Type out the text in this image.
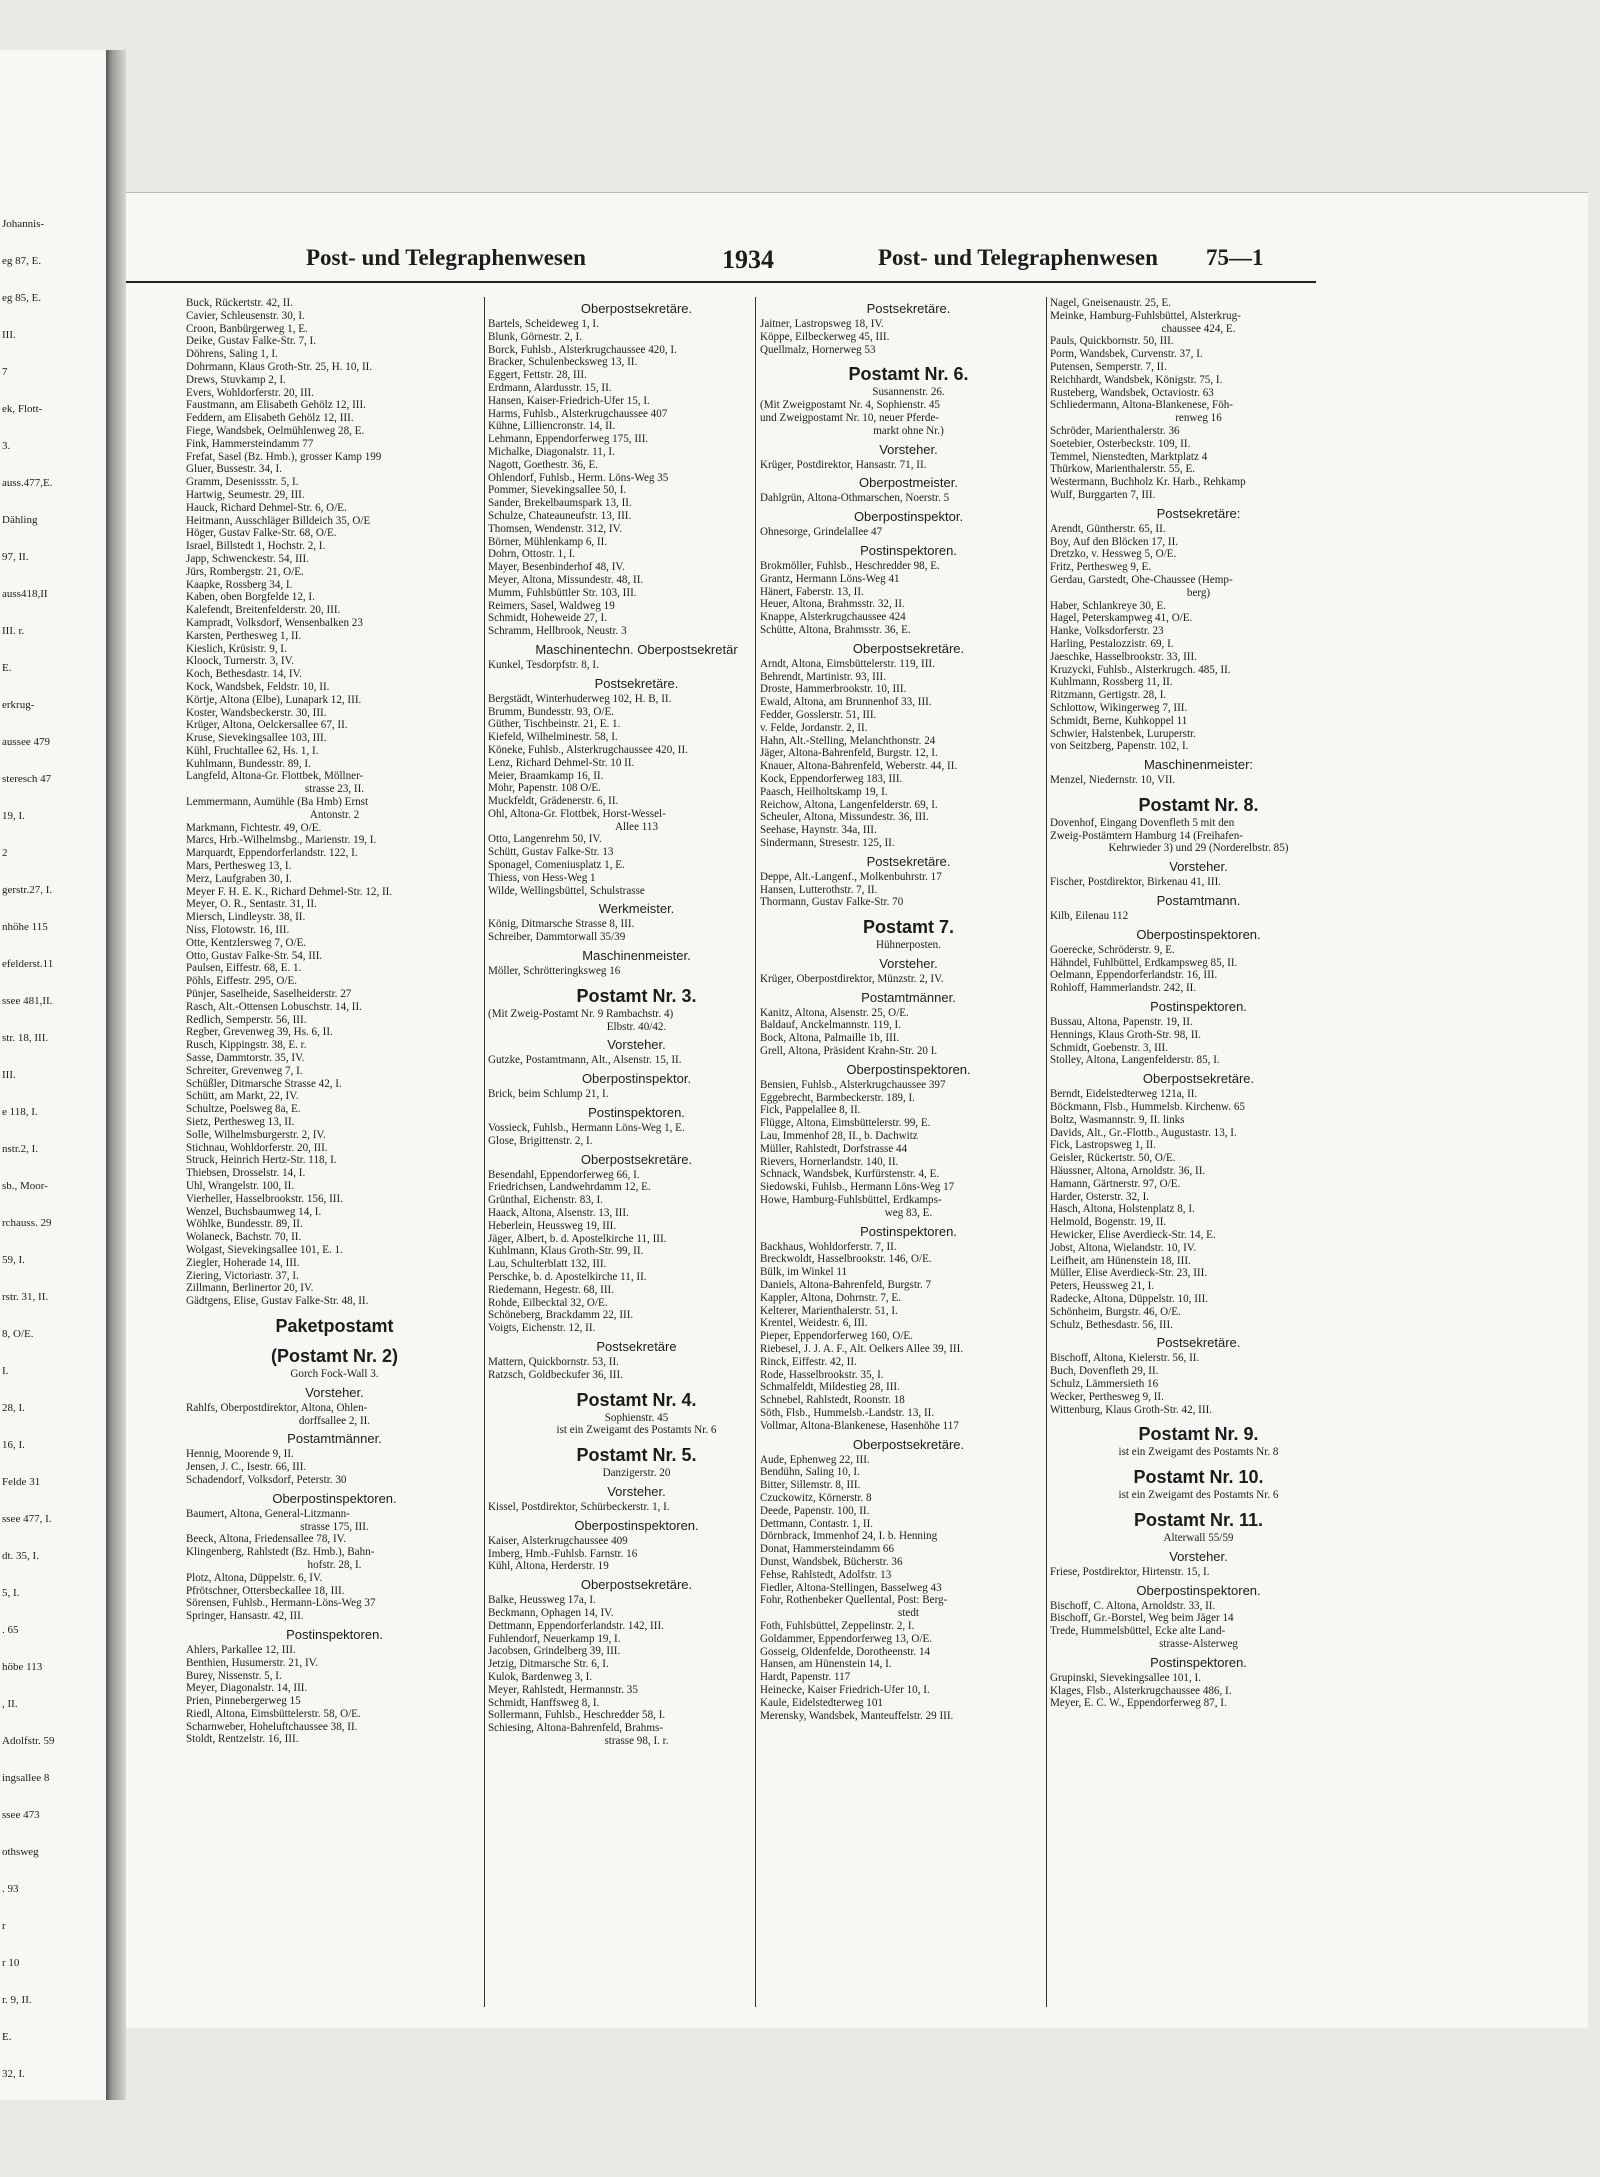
Johannis-
eg 87, E.
eg 85, E.
III.
7
ek, Flott-
3.
auss.477,E.
Dähling
97, II.
auss418,II
III. r.
E.
erkrug-
aussee 479
steresch 47
19, I.
2
gerstr.27, I.
nhöhe 115
efelderst.11
ssee 481,II.
str. 18, III.
III.
e 118, I.
nstr.2, I.
sb., Moor-
rchauss. 29
59, I.
rstr. 31, II.
8, O/E.
I.
28, I.
16, I.
Felde 31
ssee 477, I.
dt. 35, I.
5, I.
. 65
höbe 113
, II.
Adolfstr. 59
ingsallee 8
ssee 473
othsweg
. 93
r
r 10
r. 9, II.
E.
32, I.
Post- und Telegraphenwesen	1934	Post- und Telegraphenwesen 75—1
Buck, Rückertstr. 42, II.
Cavier, Schleusenstr. 30, I.
Croon, Banbürgerweg 1, E.
Deike, Gustav Falke-Str. 7, I.
Döhrens, Saling 1, I.
Dohrmann, Klaus Groth-Str. 25, H. 10, II.
Drews, Stuvkamp 2, I.
Evers, Wohldorferstr. 20, III.
Faustmann, am Elisabeth Gehölz 12, III.
Feddern, am Elisabeth Gehölz 12, III.
Fiege, Wandsbek, Oelmühlenweg 28, E.
Fink, Hammersteindamm 77
Frefat, Sasel (Bz. Hmb.), grosser Kamp 199
Gluer, Bussestr. 34, I.
Gramm, Desenissstr. 5, I.
Hartwig, Seumestr. 29, III.
Hauck, Richard Dehmel-Str. 6, O/E.
Heitmann, Ausschläger Billdeich 35, O/E
Höger, Gustav Falke-Str. 68, O/E.
Israel, Billstedt 1, Hochstr. 2, I.
Japp, Schwenckestr. 54, III.
Jürs, Rombergstr. 21, O/E.
Kaapke, Rossberg 34, I.
Kaben, oben Borgfelde 12, I.
Kalefendt, Breitenfelderstr. 20, III.
Kampradt, Volksdorf, Wensenbalken 23
Karsten, Perthesweg 1, II.
Kieslich, Krüsistr. 9, I.
Kloock, Turnerstr. 3, IV.
Koch, Bethesdastr. 14, IV.
Kock, Wandsbek, Feldstr. 10, II.
Körtje, Altona (Elbe), Lunapark 12, III.
Koster, Wandsbeckerstr. 30, III.
Krüger, Altona, Oelckersallee 67, II.
Kruse, Sievekingsallee 103, III.
Kühl, Fruchtallee 62, Hs. 1, I.
Kuhlmann, Bundesstr. 89, I.
Langfeld, Altona-Gr. Flottbek, Möllner-
strasse 23, II.
Lemmermann, Aumühle (Ba Hmb) Ernst
Antonstr. 2
Markmann, Fichtestr. 49, O/E.
Marcs, Hrb.-Wilhelmsbg., Marienstr. 19, I.
Marquardt, Eppendorferlandstr. 122, I.
Mars, Perthesweg 13, I.
Merz, Laufgraben 30, I.
Meyer F. H. E. K., Richard Dehmel-Str. 12, II.
Meyer, O. R., Sentastr. 31, II.
Miersch, Lindleystr. 38, II.
Niss, Flotowstr. 16, III.
Otte, Kentzlersweg 7, O/E.
Otto, Gustav Falke-Str. 54, III.
Paulsen, Eiffestr. 68, E. 1.
Pöhls, Eiffestr. 295, O/E.
Pünjer, Saselheide, Saselheiderstr. 27
Rasch, Alt.-Ottensen Lobuschstr. 14, II.
Redlich, Semperstr. 56, III.
Regber, Grevenweg 39, Hs. 6, II.
Rusch, Kippingstr. 38, E. r.
Sasse, Dammtorstr. 35, IV.
Schreiter, Grevenweg 7, I.
Schüßler, Ditmarsche Strasse 42, I.
Schütt, am Markt, 22, IV.
Schultze, Poelsweg 8a, E.
Sietz, Perthesweg 13, II.
Solle, Wilhelmsburgerstr. 2, IV.
Stichnau, Wohldorferstr. 20, III.
Struck, Heinrich Hertz-Str. 118, I.
Thiebsen, Drosselstr. 14, I.
Uhl, Wrangelstr. 100, II.
Vierheller, Hasselbrookstr. 156, III.
Wenzel, Buchsbaumweg 14, I.
Wöhlke, Bundesstr. 89, II.
Wolaneck, Bachstr. 70, II.
Wolgast, Sievekingsallee 101, E. 1.
Ziegler, Hoherade 14, III.
Ziering, Victoriastr. 37, I.
Zillmann, Berlinertor 20, IV.
Gädtgens, Elise, Gustav Falke-Str. 48, II.
Paketpostamt
(Postamt Nr. 2)
Gorch Fock-Wall 3.
Vorsteher.
Rahlfs, Oberpostdirektor, Altona, Ohlen-
dorffsallee 2, II.
Postamtmänner.
Hennig, Moorende 9, II.
Jensen, J. C., Isestr. 66, III.
Schadendorf, Volksdorf, Peterstr. 30
Oberpostinspektoren.
Baumert, Altona, General-Litzmann-
strasse 175, III.
Beeck, Altona, Friedensallee 78, IV.
Klingenberg, Rahlstedt (Bz. Hmb.), Bahn-
hofstr. 28, I.
Plotz, Altona, Düppelstr. 6, IV.
Pfrötschner, Ottersbeckallee 18, III.
Sörensen, Fuhlsb., Hermann-Löns-Weg 37
Springer, Hansastr. 42, III.
Postinspektoren.
Ahlers, Parkallee 12, III.
Benthien, Husumerstr. 21, IV.
Burey, Nissenstr. 5, I.
Meyer, Diagonalstr. 14, III.
Prien, Pinnebergerweg 15
Riedl, Altona, Eimsbüttelerstr. 58, O/E.
Scharnweber, Hoheluftchaussee 38, II.
Stoldt, Rentzelstr. 16, III.
Oberpostsekretäre.
Bartels, Scheideweg 1, I.
Blunk, Görnestr. 2, I.
Borck, Fuhlsb., Alsterkrugchaussee 420, I.
Bracker, Schulenbecksweg 13, II.
Eggert, Fettstr. 28, III.
Erdmann, Alardusstr. 15, II.
Hansen, Kaiser-Friedrich-Ufer 15, I.
Harms, Fuhlsb., Alsterkrugchaussee 407
Kühne, Lilliencronstr. 14, II.
Lehmann, Eppendorferweg 175, III.
Michalke, Diagonalstr. 11, I.
Nagott, Goethestr. 36, E.
Ohlendorf, Fuhlsb., Herm. Löns-Weg 35
Pommer, Sievekingsallee 50, I.
Sander, Brekelbaumspark 13, II.
Schulze, Chateauneufstr. 13, III.
Thomsen, Wendenstr. 312, IV.
Börner, Mühlenkamp 6, II.
Dohrn, Ottostr. 1, I.
Mayer, Besenbinderhof 48, IV.
Meyer, Altona, Missundestr. 48, II.
Mumm, Fuhlsbüttler Str. 103, III.
Reimers, Sasel, Waldweg 19
Schmidt, Hoheweide 27, I.
Schramm, Hellbrook, Neustr. 3
Maschinentechn. Oberpostsekretär
Kunkel, Tesdorpfstr. 8, I.
Postsekretäre.
Bergstädt, Winterhuderweg 102, H. B, II.
Brumm, Bundesstr. 93, O/E.
Güther, Tischbeinstr. 21, E. 1.
Kiefeld, Wilhelminestr. 58, I.
Köneke, Fuhlsb., Alsterkrugchaussee 420, II.
Lenz, Richard Dehmel-Str. 10 II.
Meier, Braamkamp 16, II.
Mohr, Papenstr. 108 O/E.
Muckfeldt, Grädenerstr. 6, II.
Ohl, Altona-Gr. Flottbek, Horst-Wessel-
Allee 113
Otto, Langenrehm 50, IV.
Schütt, Gustav Falke-Str. 13
Sponagel, Comeniusplatz 1, E.
Thiess, von Hess-Weg 1
Wilde, Wellingsbüttel, Schulstrasse
Werkmeister.
König, Ditmarsche Strasse 8, III.
Schreiber, Dammtorwall 35/39
Maschinenmeister.
Möller, Schrötteringksweg 16
Postamt Nr. 3.
(Mit Zweig-Postamt Nr. 9 Rambachstr. 4)
Elbstr. 40/42.
Vorsteher.
Gutzke, Postamtmann, Alt., Alsenstr. 15, II.
Oberpostinspektor.
Brick, beim Schlump 21, I.
Postinspektoren.
Vossieck, Fuhlsb., Hermann Löns-Weg 1, E.
Glose, Brigittenstr. 2, I.
Oberpostsekretäre.
Besendahl, Eppendorferweg 66, I.
Friedrichsen, Landwehrdamm 12, E.
Grünthal, Eichenstr. 83, I.
Haack, Altona, Alsenstr. 13, III.
Heberlein, Heussweg 19, III.
Jäger, Albert, b. d. Apostelkirche 11, III.
Kuhlmann, Klaus Groth-Str. 99, II.
Lau, Schulterblatt 132, III.
Perschke, b. d. Apostelkirche 11, II.
Riedemann, Hegestr. 68, III.
Rohde, Eilbecktal 32, O/E.
Schöneberg, Brackdamm 22, III.
Voigts, Eichenstr. 12, II.
Postsekretäre
Mattern, Quickbornstr. 53, II.
Ratzsch, Goldbeckufer 36, III.
Postamt Nr. 4.
Sophienstr. 45
ist ein Zweigamt des Postamts Nr. 6
Postamt Nr. 5.
Danzigerstr. 20
Vorsteher.
Kissel, Postdirektor, Schürbeckerstr. 1, I.
Oberpostinspektoren.
Kaiser, Alsterkrugchaussee 409
Imberg, Hmb.-Fuhlsb. Farnstr. 16
Kühl, Altona, Herderstr. 19
Oberpostsekretäre.
Balke, Heussweg 17a, I.
Beckmann, Ophagen 14, IV.
Dettmann, Eppendorferlandstr. 142, III.
Fuhlendorf, Neuerkamp 19, I.
Jacobsen, Grindelberg 39, III.
Jetzig, Ditmarsche Str. 6, I.
Kulok, Bardenweg 3, I.
Meyer, Rahlstedt, Hermannstr. 35
Schmidt, Hanffsweg 8, I.
Sollermann, Fuhlsb., Heschredder 58, I.
Schiesing, Altona-Bahrenfeld, Brahms-
strasse 98, I. r.
Postsekretäre.
Jaitner, Lastropsweg 18, IV.
Köppe, Eilbeckerweg 45, III.
Quellmalz, Hornerweg 53
Postamt Nr. 6.
Susannenstr. 26.
(Mit Zweigpostamt Nr. 4, Sophienstr. 45
und Zweigpostamt Nr. 10, neuer Pferde-
markt ohne Nr.)
Vorsteher.
Krüger, Postdirektor, Hansastr. 71, II.
Oberpostmeister.
Dahlgrün, Altona-Othmarschen, Noerstr. 5
Oberpostinspektor.
Ohnesorge, Grindelallee 47
Postinspektoren.
Brokmöller, Fuhlsb., Heschredder 98, E.
Grantz, Hermann Löns-Weg 41
Hänert, Faberstr. 13, II.
Heuer, Altona, Brahmsstr. 32, II.
Knappe, Alsterkrugchaussee 424
Schütte, Altona, Brahmsstr. 36, E.
Oberpostsekretäre.
Arndt, Altona, Eimsbüttelerstr. 119, III.
Behrendt, Martinistr. 93, III.
Droste, Hammerbrookstr. 10, III.
Ewald, Altona, am Brunnenhof 33, III.
Fedder, Gosslerstr. 51, III.
v. Felde, Jordanstr. 2, II.
Hahn, Alt.-Stelling, Melanchthonstr. 24
Jäger, Altona-Bahrenfeld, Burgstr. 12, I.
Knauer, Altona-Bahrenfeld, Weberstr. 44, II.
Kock, Eppendorferweg 183, III.
Paasch, Heilholtskamp 19, I.
Reichow, Altona, Langenfelderstr. 69, I.
Scheuler, Altona, Missundestr. 36, III.
Seehase, Haynstr. 34a, III.
Sindermann, Stresestr. 125, II.
Postsekretäre.
Deppe, Alt.-Langenf., Molkenbuhrstr. 17
Hansen, Lutterothstr. 7, II.
Thormann, Gustav Falke-Str. 70
Postamt 7.
Hühnerposten.
Vorsteher.
Krüger, Oberpostdirektor, Münzstr. 2, IV.
Postamtmänner.
Kanitz, Altona, Alsenstr. 25, O/E.
Baldauf, Anckelmannstr. 119, I.
Bock, Altona, Palmaille 1b, III.
Grell, Altona, Präsident Krahn-Str. 20 I.
Oberpostinspektoren.
Bensien, Fuhlsb., Alsterkrugchaussee 397
Eggebrecht, Barmbeckerstr. 189, I.
Fick, Pappelallee 8, II.
Flügge, Altona, Eimsbüttelerstr. 99, E.
Lau, Immenhof 28, II., b. Dachwitz
Müller, Rahlstedt, Dorfstrasse 44
Rievers, Hornerlandstr. 140, II.
Schnack, Wandsbek, Kurfürstenstr. 4, E.
Siedowski, Fuhlsb., Hermann Löns-Weg 17
Howe, Hamburg-Fuhlsbüttel, Erdkamps-
weg 83, E.
Postinspektoren.
Backhaus, Wohldorferstr. 7, II.
Breckwoldt, Hasselbrookstr. 146, O/E.
Bülk, im Winkel 11
Daniels, Altona-Bahrenfeld, Burgstr. 7
Kappler, Altona, Dohrnstr. 7, E.
Kelterer, Marienthalerstr. 51, I.
Krentel, Weidestr. 6, III.
Pieper, Eppendorferweg 160, O/E.
Riebesel, J. J. A. F., Alt. Oelkers Allee 39, III.
Rinck, Eiffestr. 42, II.
Rode, Hasselbrookstr. 35, I.
Schmalfeldt, Mildestieg 28, III.
Schnebel, Rahlstedt, Roonstr. 18
Söth, Flsb., Hummelsb.-Landstr. 13, II.
Vollmar, Altona-Blankenese, Hasenhöhe 117
Oberpostsekretäre.
Aude, Ephenweg 22, III.
Bendühn, Saling 10, I.
Bitter, Sillemstr. 8, III.
Czuckowitz, Körnerstr. 8
Deede, Papenstr. 100, II.
Dettmann, Contastr. 1, II.
Dörnbrack, Immenhof 24, I. b. Henning
Donat, Hammersteindamm 66
Dunst, Wandsbek, Bücherstr. 36
Fehse, Rahlstedt, Adolfstr. 13
Fiedler, Altona-Stellingen, Basselweg 43
Fohr, Rothenbeker Quellental, Post: Berg-
stedt
Foth, Fuhlsbüttel, Zeppelinstr. 2, I.
Goldammer, Eppendorferweg 13, O/E.
Gosseig, Oldenfelde, Dorotheenstr. 14
Hansen, am Hünenstein 14, I.
Hardt, Papenstr. 117
Heinecke, Kaiser Friedrich-Ufer 10, I.
Kaule, Eidelstedterweg 101
Merensky, Wandsbek, Manteuffelstr. 29 III.
Nagel, Gneisenaustr. 25, E.
Meinke, Hamburg-Fuhlsbüttel, Alsterkrug-
chaussee 424, E.
Pauls, Quickbornstr. 50, III.
Porm, Wandsbek, Curvenstr. 37, I.
Putensen, Semperstr. 7, II.
Reichhardt, Wandsbek, Königstr. 75, I.
Rusteberg, Wandsbek, Octaviostr. 63
Schliedermann, Altona-Blankenese, Föh-
renweg 16
Schröder, Marienthalerstr. 36
Soetebier, Osterbeckstr. 109, II.
Temmel, Nienstedten, Marktplatz 4
Thürkow, Marienthalerstr. 55, E.
Westermann, Buchholz Kr. Harb., Rehkamp
Wulf, Burggarten 7, III.
Postsekretäre:
Arendt, Güntherstr. 65, II.
Boy, Auf den Blöcken 17, II.
Dretzko, v. Hessweg 5, O/E.
Fritz, Perthesweg 9, E.
Gerdau, Garstedt, Ohe-Chaussee (Hemp-
berg)
Haber, Schlankreye 30, E.
Hagel, Peterskampweg 41, O/E.
Hanke, Volksdorferstr. 23
Harling, Pestalozzistr. 69, I.
Jaeschke, Hasselbrookstr. 33, III.
Kruzycki, Fuhlsb., Alsterkrugch. 485, II.
Kuhlmann, Rossberg 11, II.
Ritzmann, Gertigstr. 28, I.
Schlottow, Wikingerweg 7, III.
Schmidt, Berne, Kuhkoppel 11
Schwier, Halstenbek, Luruperstr.
von Seitzberg, Papenstr. 102, I.
Maschinenmeister:
Menzel, Niedernstr. 10, VII.
Postamt Nr. 8.
Dovenhof, Eingang Dovenfleth 5 mit den
Zweig-Postämtern Hamburg 14 (Freihafen-
Kehrwieder 3) und 29 (Norderelbstr. 85)
Vorsteher.
Fischer, Postdirektor, Birkenau 41, III.
Postamtmann.
Kilb, Eilenau 112
Oberpostinspektoren.
Goerecke, Schröderstr. 9, E.
Hähndel, Fuhlbüttel, Erdkampsweg 85, II.
Oelmann, Eppendorferlandstr. 16, III.
Rohloff, Hammerlandstr. 242, II.
Postinspektoren.
Bussau, Altona, Papenstr. 19, II.
Hennings, Klaus Groth-Str. 98, II.
Schmidt, Goebenstr. 3, III.
Stolley, Altona, Langenfelderstr. 85, I.
Oberpostsekretäre.
Berndt, Eidelstedterweg 121a, II.
Böckmann, Flsb., Hummelsb. Kirchenw. 65
Boltz, Wasmannstr. 9, II. links
Davids, Alt., Gr.-Flottb., Augustastr. 13, I.
Fick, Lastropsweg 1, II.
Geisler, Rückertstr. 50, O/E.
Häussner, Altona, Arnoldstr. 36, II.
Hamann, Gärtnerstr. 97, O/E.
Harder, Osterstr. 32, I.
Hasch, Altona, Holstenplatz 8, I.
Helmold, Bogenstr. 19, II.
Hewicker, Elise Averdieck-Str. 14, E.
Jobst, Altona, Wielandstr. 10, IV.
Leifheit, am Hünenstein 18, III.
Müller, Elise Averdieck-Str. 23, III.
Peters, Heussweg 21, I.
Radecke, Altona, Düppelstr. 10, III.
Schönheim, Burgstr. 46, O/E.
Schulz, Bethesdastr. 56, III.
Postsekretäre.
Bischoff, Altona, Kielerstr. 56, II.
Buch, Dovenfleth 29, II.
Schulz, Lämmersieth 16
Wecker, Perthesweg 9, II.
Wittenburg, Klaus Groth-Str. 42, III.
Postamt Nr. 9.
ist ein Zweigamt des Postamts Nr. 8
Postamt Nr. 10.
ist ein Zweigamt des Postamts Nr. 6
Postamt Nr. 11.
Alterwall 55/59
Vorsteher.
Friese, Postdirektor, Hirtenstr. 15, I.
Oberpostinspektoren.
Bischoff, C. Altona, Arnoldstr. 33, II.
Bischoff, Gr.-Borstel, Weg beim Jäger 14
Trede, Hummelsbüttel, Ecke alte Land-
strasse-Alsterweg
Postinspektoren.
Grupinski, Sievekingsallee 101, I.
Klages, Flsb., Alsterkrugchaussee 486, I.
Meyer, E. C. W., Eppendorferweg 87, I.
